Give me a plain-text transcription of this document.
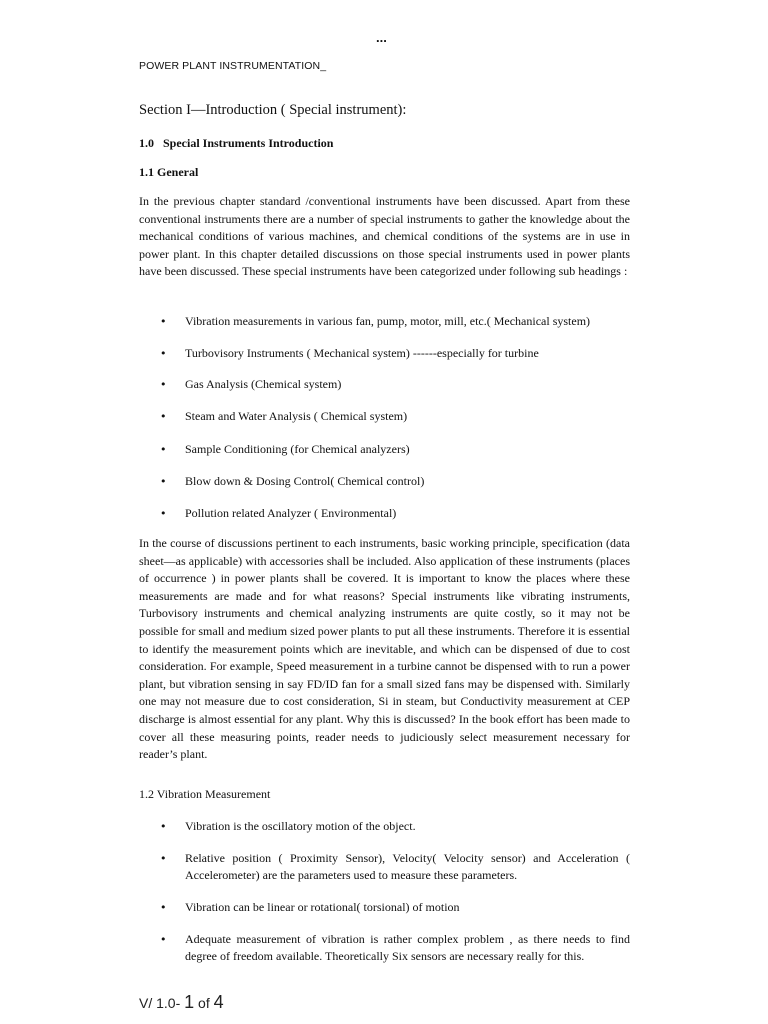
...
POWER PLANT INSTRUMENTATION_
Section I—Introduction ( Special instrument):
1.0 Special Instruments Introduction
1.1 General

In the previous chapter standard /conventional instruments have been discussed. Apart from these conventional instruments there are a number of special instruments to gather the knowledge about the mechanical conditions of various machines, and chemical conditions of the systems are in use in power plant. In this chapter detailed discussions on those special instruments used in power plants have been discussed. These special instruments have been categorized under following sub headings :

• Vibration measurements in various fan, pump, motor, mill, etc.( Mechanical system)
• Turbovisory Instruments ( Mechanical system) ------especially for turbine
• Gas Analysis (Chemical system)
• Steam and Water Analysis ( Chemical system)
• Sample Conditioning (for Chemical analyzers)
• Blow down & Dosing Control( Chemical control)
• Pollution related Analyzer ( Environmental)

In the course of discussions pertinent to each instruments, basic working principle, specification (data sheet—as applicable) with accessories shall be included. Also application of these instruments (places of occurrence ) in power plants shall be covered. It is important to know the places where these measurements are made and for what reasons? Special instruments like vibrating instruments, Turbovisory instruments and chemical analyzing instruments are quite costly, so it may not be possible for small and medium sized power plants to put all these instruments. Therefore it is essential to identify the measurement points which are inevitable, and which can be dispensed of due to cost consideration. For example, Speed measurement in a turbine cannot be dispensed with to run a power plant, but vibration sensing in say FD/ID fan for a small sized fans may be dispensed with. Similarly one may not measure due to cost consideration, Si in steam, but Conductivity measurement at CEP discharge is almost essential for any plant. Why this is discussed? In the book effort has been made to cover all these measuring points, reader needs to judiciously select measurement necessary for reader’s plant.

1.2 Vibration Measurement
• Vibration is the oscillatory motion of the object.
• Relative position ( Proximity Sensor), Velocity( Velocity sensor) and Acceleration ( Accelerometer) are the parameters used to measure these parameters.
• Vibration can be linear or rotational( torsional) of motion
• Adequate measurement of vibration is rather complex problem , as there needs to find degree of freedom available. Theoretically Six sensors are necessary really for this.
V/ 1.0- 1 of 4
